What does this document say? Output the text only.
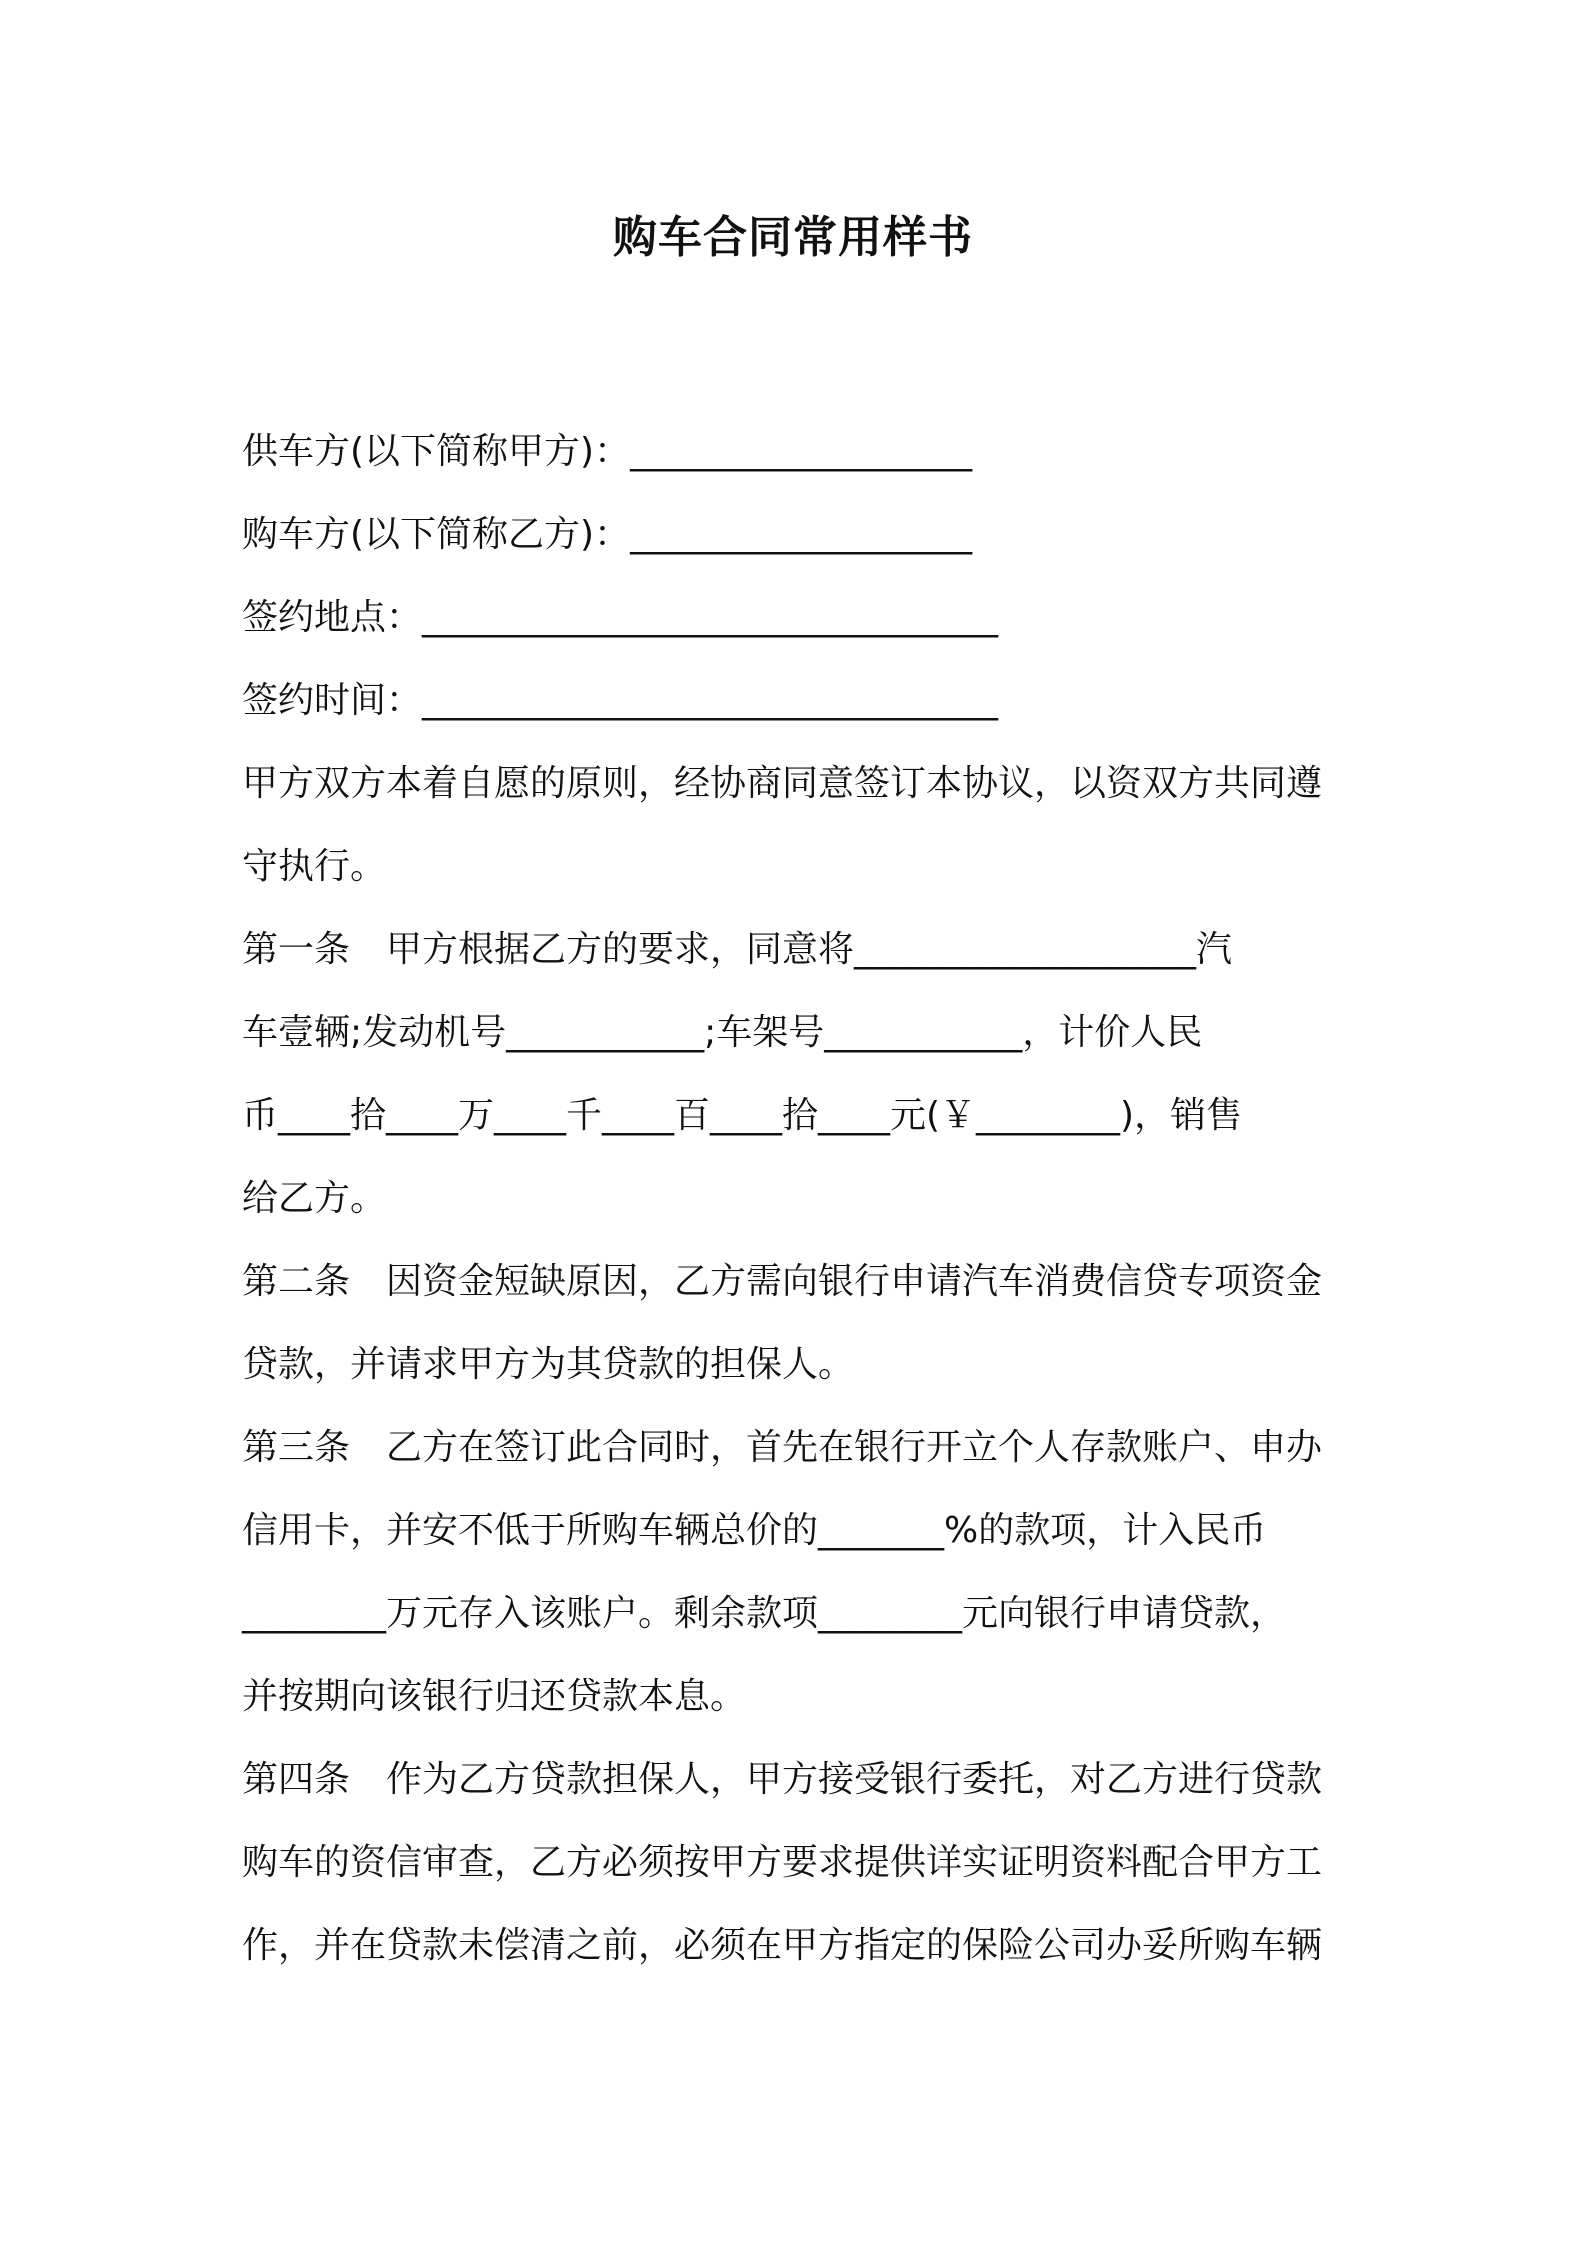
购车合同常用样书
供车方(以下简称甲方)：___________________
购车方(以下简称乙方)：___________________
签约地点：________________________________
签约时间：________________________________
甲方双方本着自愿的原则，经协商同意签订本协议，以资双方共同遵
守执行。
第一条　甲方根据乙方的要求，同意将___________________汽
车壹辆;发动机号___________;车架号___________，计价人民
币____拾____万____千____百____拾____元(￥________)，销售
给乙方。
第二条　因资金短缺原因，乙方需向银行申请汽车消费信贷专项资金
贷款，并请求甲方为其贷款的担保人。
第三条　乙方在签订此合同时，首先在银行开立个人存款账户、申办
信用卡，并安不低于所购车辆总价的_______%的款项，计入民币
________万元存入该账户。剩余款项________元向银行申请贷款，
并按期向该银行归还贷款本息。
第四条　作为乙方贷款担保人，甲方接受银行委托，对乙方进行贷款
购车的资信审查，乙方必须按甲方要求提供详实证明资料配合甲方工
作，并在贷款未偿清之前，必须在甲方指定的保险公司办妥所购车辆
